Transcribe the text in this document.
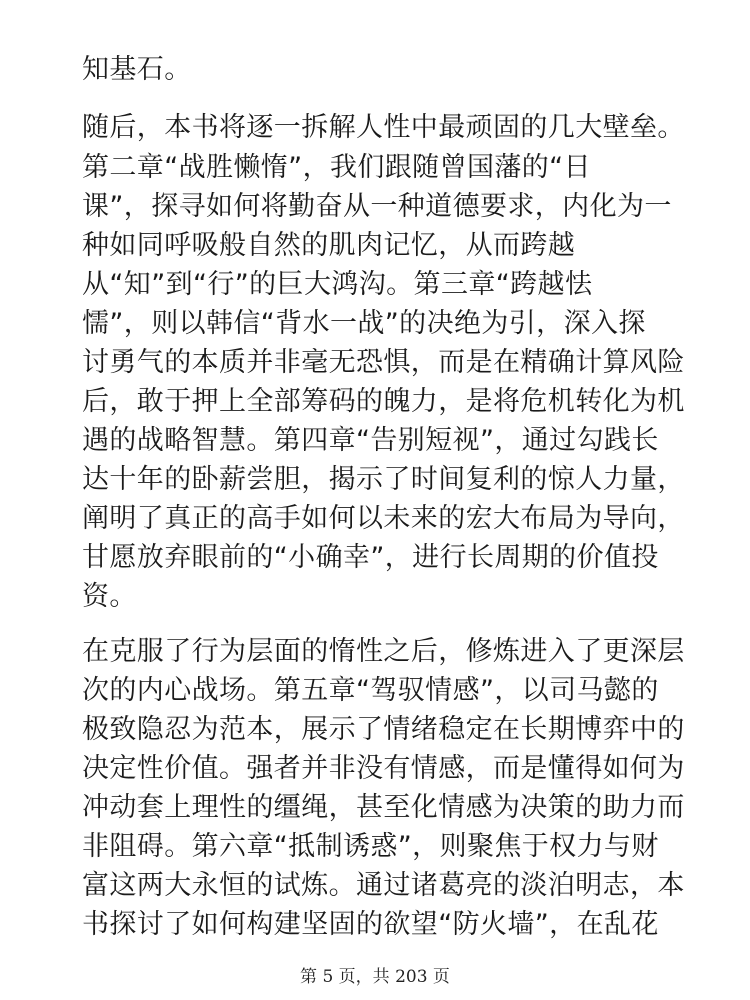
知基石。
随后，本书将逐一拆解人性中最顽固的几大壁垒。
第二章“战胜懒惰”，我们跟随曾国藩的“日
课”，探寻如何将勤奋从一种道德要求，内化为一
种如同呼吸般自然的肌肉记忆，从而跨越
从“知”到“行”的巨大鸿沟。第三章“跨越怯
懦”，则以韩信“背水一战”的决绝为引，深入探
讨勇气的本质并非毫无恐惧，而是在精确计算风险
后，敢于押上全部筹码的魄力，是将危机转化为机
遇的战略智慧。第四章“告别短视”，通过勾践长
达十年的卧薪尝胆，揭示了时间复利的惊人力量，
阐明了真正的高手如何以未来的宏大布局为导向，
甘愿放弃眼前的“小确幸”，进行长周期的价值投
资。
在克服了行为层面的惰性之后，修炼进入了更深层
次的内心战场。第五章“驾驭情感”，以司马懿的
极致隐忍为范本，展示了情绪稳定在长期博弈中的
决定性价值。强者并非没有情感，而是懂得如何为
冲动套上理性的缰绳，甚至化情感为决策的助力而
非阻碍。第六章“抵制诱惑”，则聚焦于权力与财
富这两大永恒的试炼。通过诸葛亮的淡泊明志，本
书探讨了如何构建坚固的欲望“防火墙”，在乱花
第 5 页，共 203 页
